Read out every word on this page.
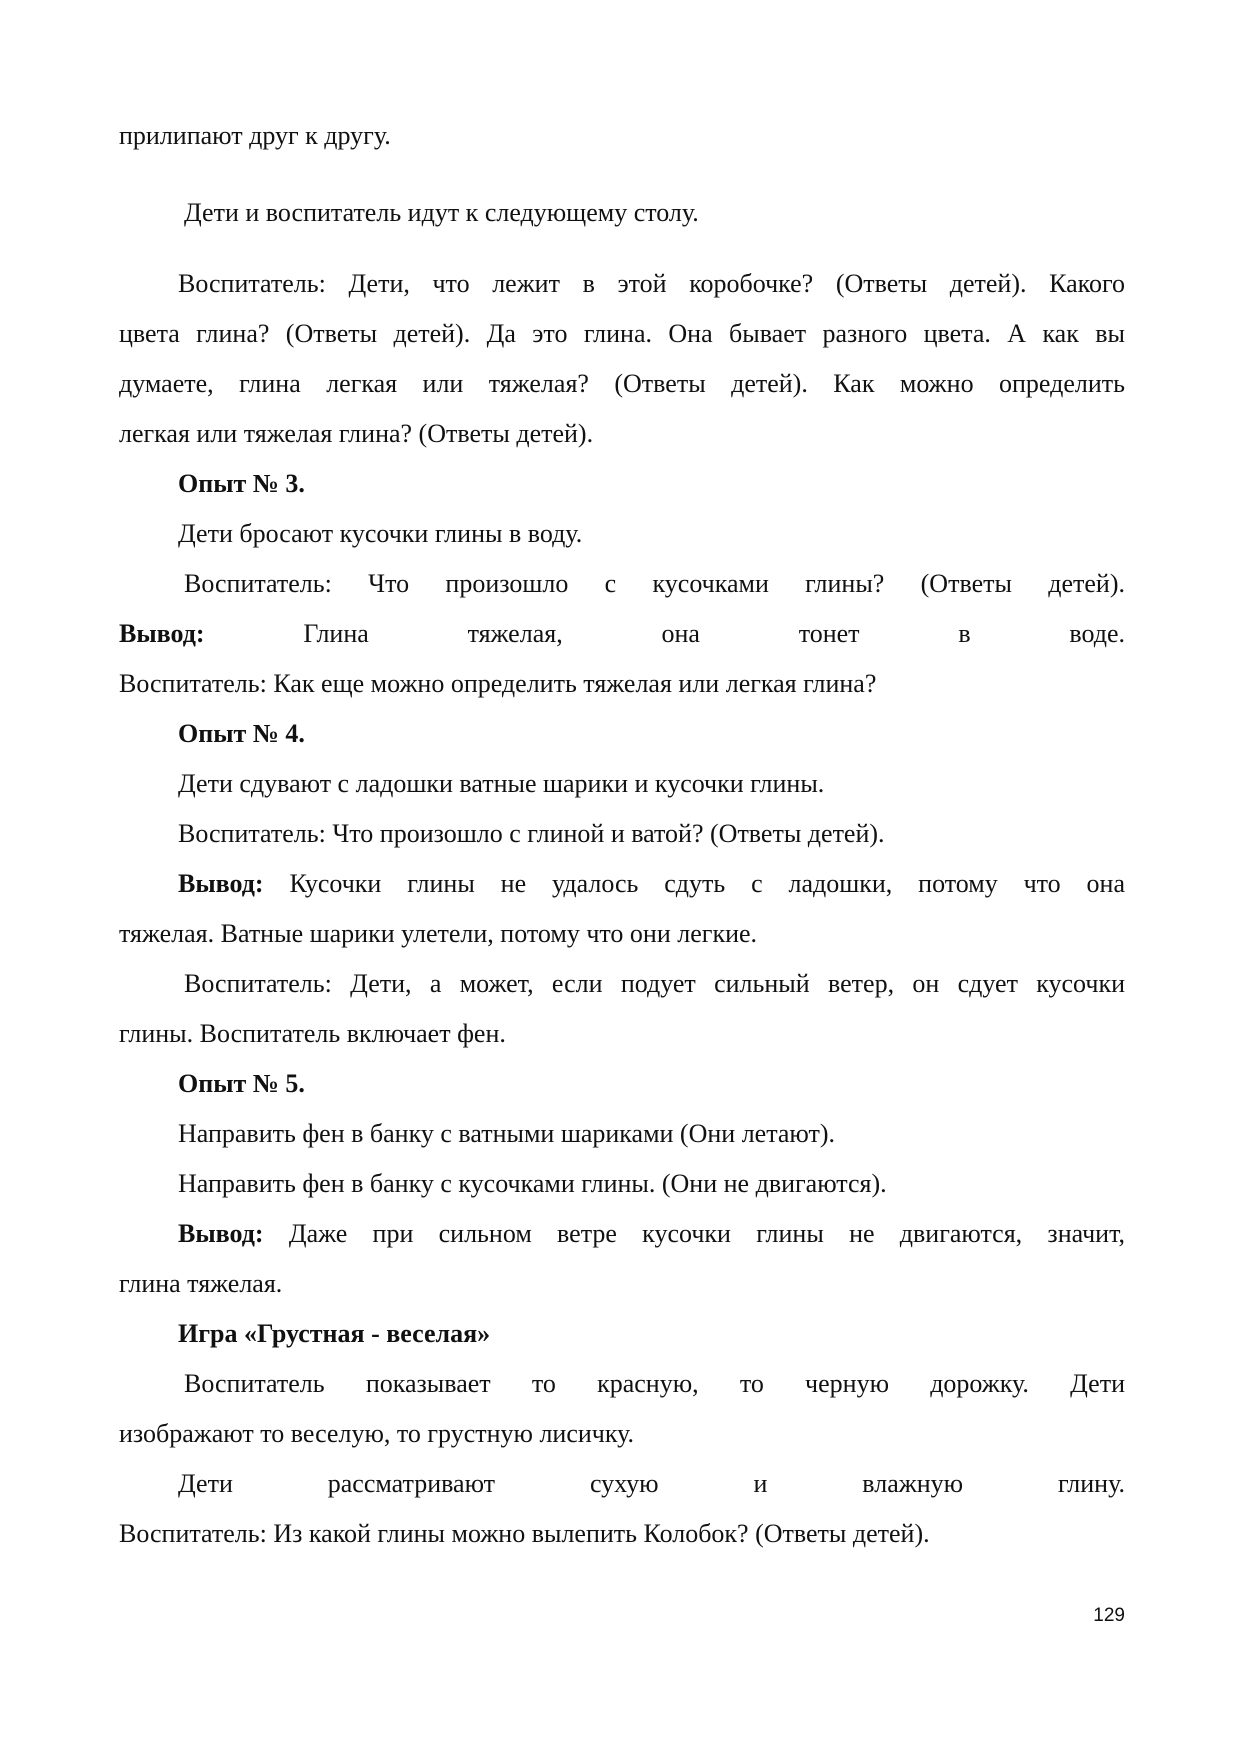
прилипают друг к другу.
Дети и воспитатель идут к следующему столу.
Воспитатель: Дети, что лежит в этой коробочке? (Ответы детей). Какого
цвета глина? (Ответы детей). Да это глина. Она бывает разного цвета. А как вы
думаете, глина легкая или тяжелая? (Ответы детей). Как можно определить
легкая или тяжелая глина? (Ответы детей).
Опыт № 3.
Дети бросают кусочки глины в воду.
Воспитатель: Что произошло с кусочками глины? (Ответы детей).
Вывод:	Глина тяжелая, она тонет в воде.
Воспитатель: Как еще можно определить тяжелая или легкая глина?
Опыт № 4.
Дети сдувают с ладошки ватные шарики и кусочки глины.
Воспитатель: Что произошло с глиной и ватой? (Ответы детей).
Вывод: Кусочки глины не удалось сдуть с ладошки, потому что она
тяжелая. Ватные шарики улетели, потому что они легкие.
Воспитатель: Дети, а может, если подует сильный ветер, он сдует кусочки
глины. Воспитатель включает фен.
Опыт № 5.
Направить фен в банку с ватными шариками (Они летают).
Направить фен в банку с кусочками глины. (Они не двигаются).
Вывод: Даже при сильном ветре кусочки глины не двигаются, значит,
глина тяжелая.
Игра «Грустная - веселая»
Воспитатель показывает то красную, то черную дорожку. Дети
изображают то веселую, то грустную лисичку.
Дети рассматривают сухую и влажную глину.
Воспитатель: Из какой глины можно вылепить Колобок? (Ответы детей).
129
